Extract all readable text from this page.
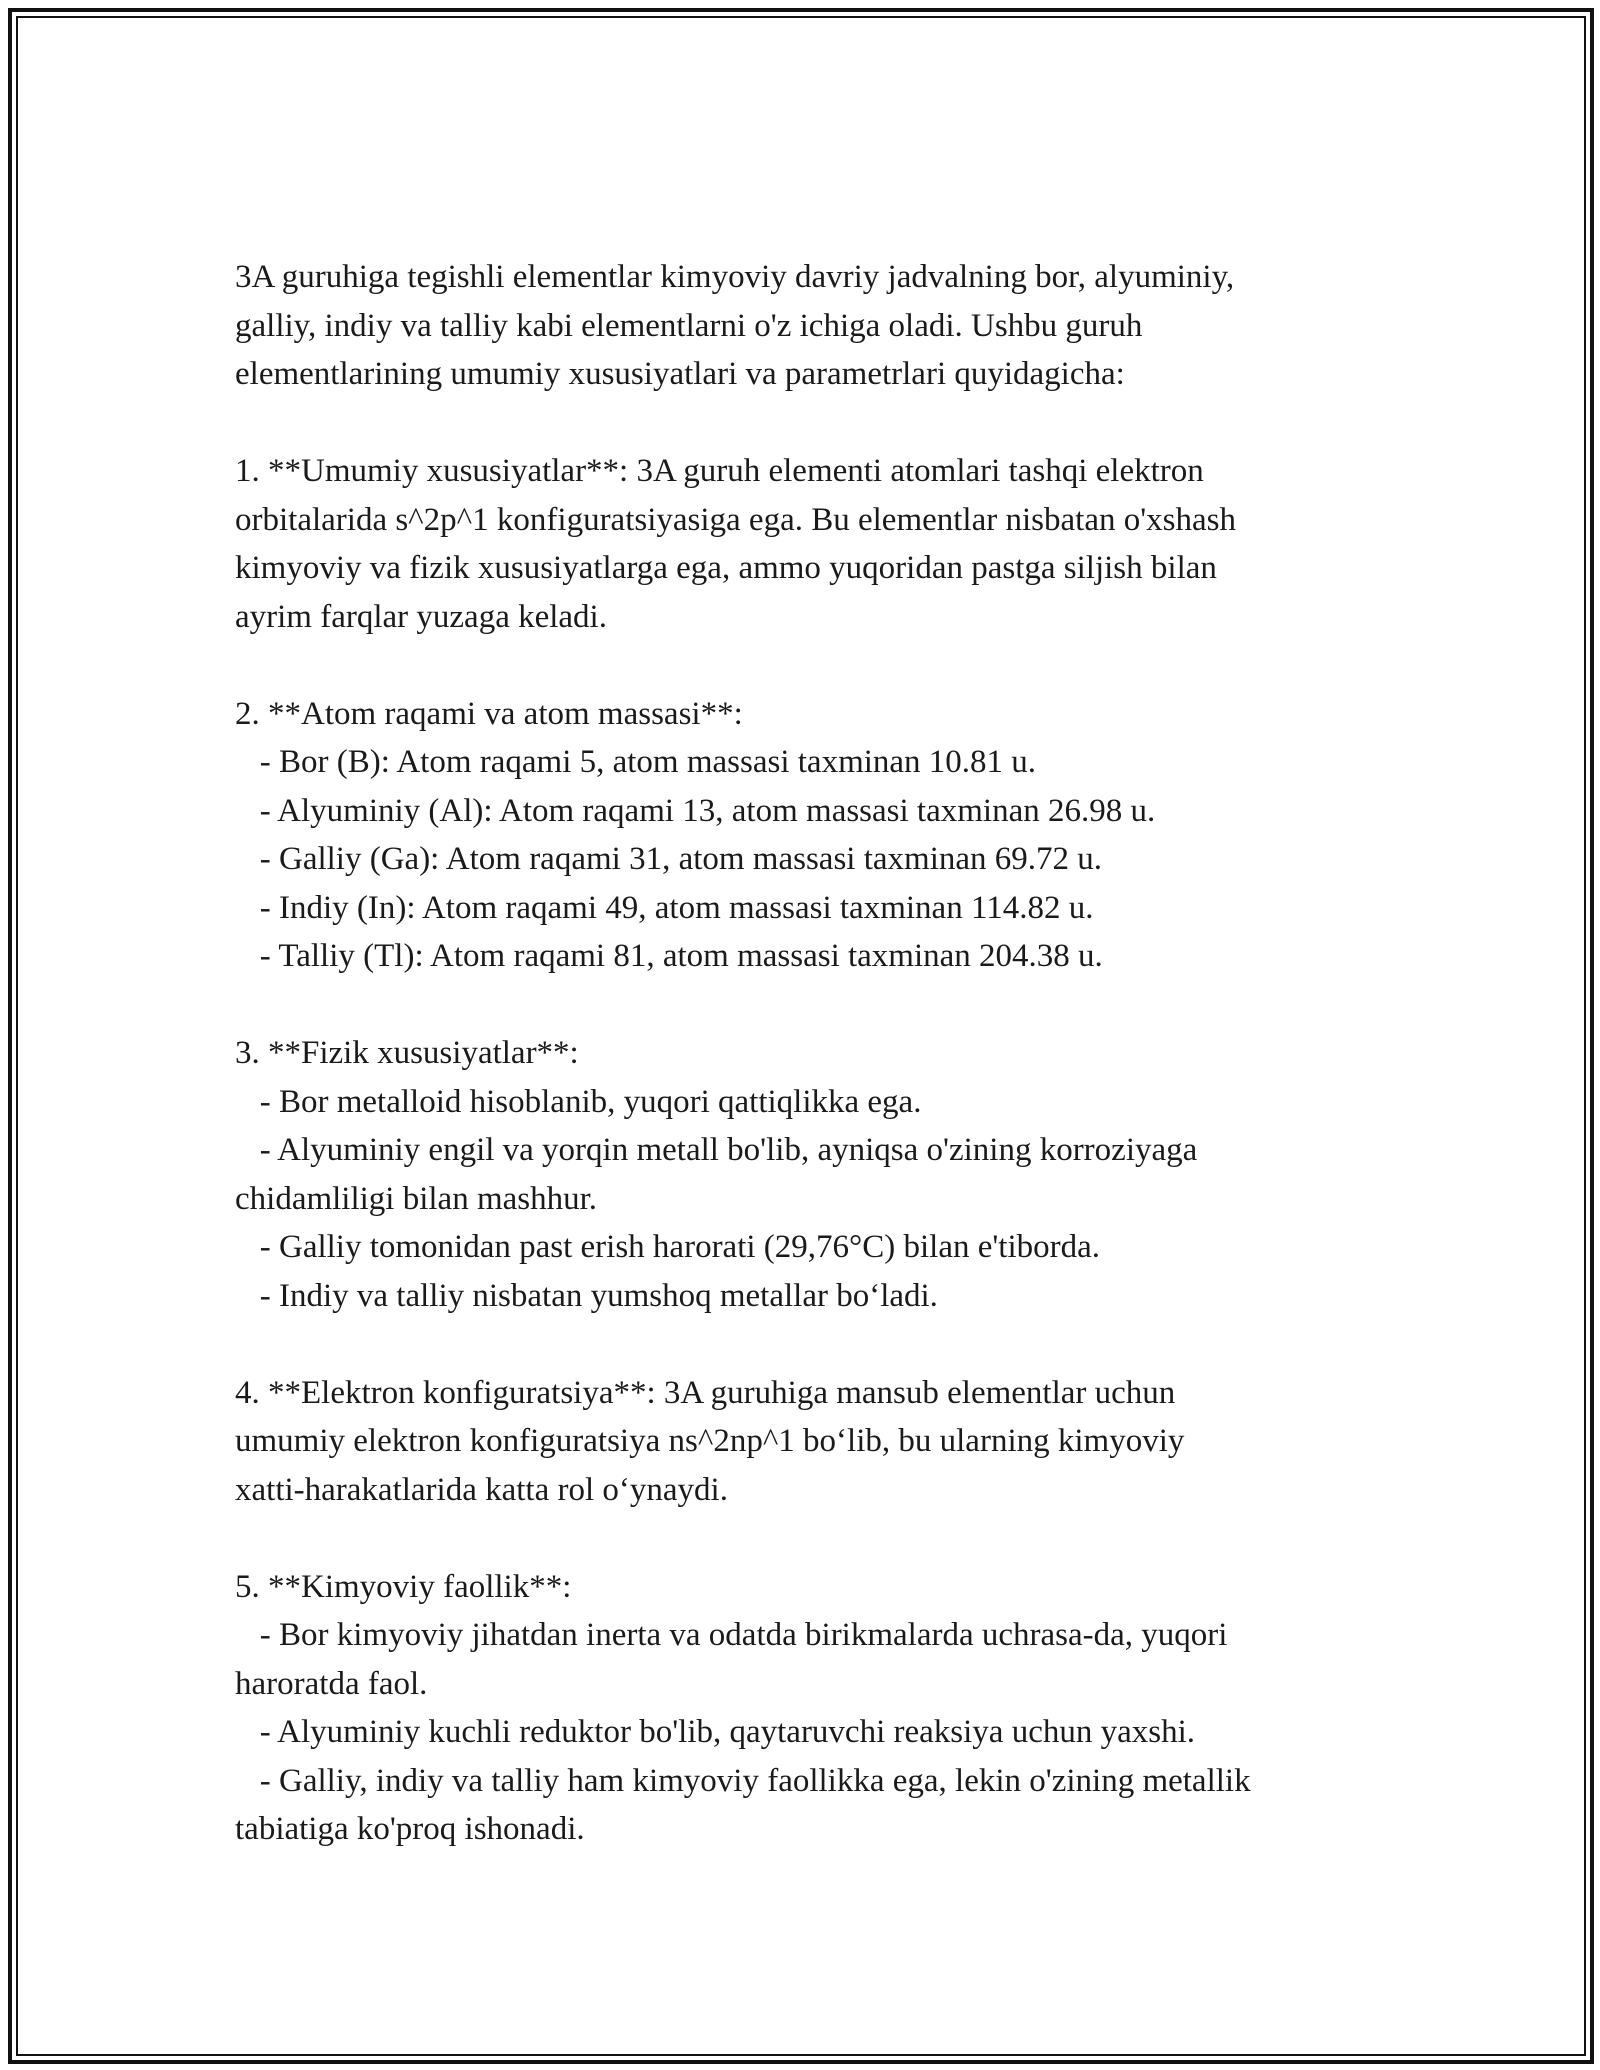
3A guruhiga tegishli elementlar kimyoviy davriy jadvalning bor, alyuminiy,

galliy, indiy va talliy kabi elementlarni o'z ichiga oladi. Ushbu guruh

elementlarining umumiy xususiyatlari va parametrlari quyidagicha:

1. **Umumiy xususiyatlar**: 3A guruh elementi atomlari tashqi elektron

orbitalarida s^2p^1 konfiguratsiyasiga ega. Bu elementlar nisbatan o'xshash

kimyoviy va fizik xususiyatlarga ega, ammo yuqoridan pastga siljish bilan

ayrim farqlar yuzaga keladi.

2. **Atom raqami va atom massasi**:

- Bor (B): Atom raqami 5, atom massasi taxminan 10.81 u.

- Alyuminiy (Al): Atom raqami 13, atom massasi taxminan 26.98 u.

- Galliy (Ga): Atom raqami 31, atom massasi taxminan 69.72 u.

- Indiy (In): Atom raqami 49, atom massasi taxminan 114.82 u.

- Talliy (Tl): Atom raqami 81, atom massasi taxminan 204.38 u.

3. **Fizik xususiyatlar**:

- Bor metalloid hisoblanib, yuqori qattiqlikka ega.

- Alyuminiy engil va yorqin metall bo'lib, ayniqsa o'zining korroziyaga

chidamliligi bilan mashhur.

- Galliy tomonidan past erish harorati (29,76°C) bilan e'tiborda.

- Indiy va talliy nisbatan yumshoq metallar bo‘ladi.

4. **Elektron konfiguratsiya**: 3A guruhiga mansub elementlar uchun

umumiy elektron konfiguratsiya ns^2np^1 bo‘lib, bu ularning kimyoviy

xatti-harakatlarida katta rol o‘ynaydi.

5. **Kimyoviy faollik**:

- Bor kimyoviy jihatdan inerta va odatda birikmalarda uchrasa-da, yuqori

haroratda faol.

- Alyuminiy kuchli reduktor bo'lib, qaytaruvchi reaksiya uchun yaxshi.

- Galliy, indiy va talliy ham kimyoviy faollikka ega, lekin o'zining metallik

tabiatiga ko'proq ishonadi.
